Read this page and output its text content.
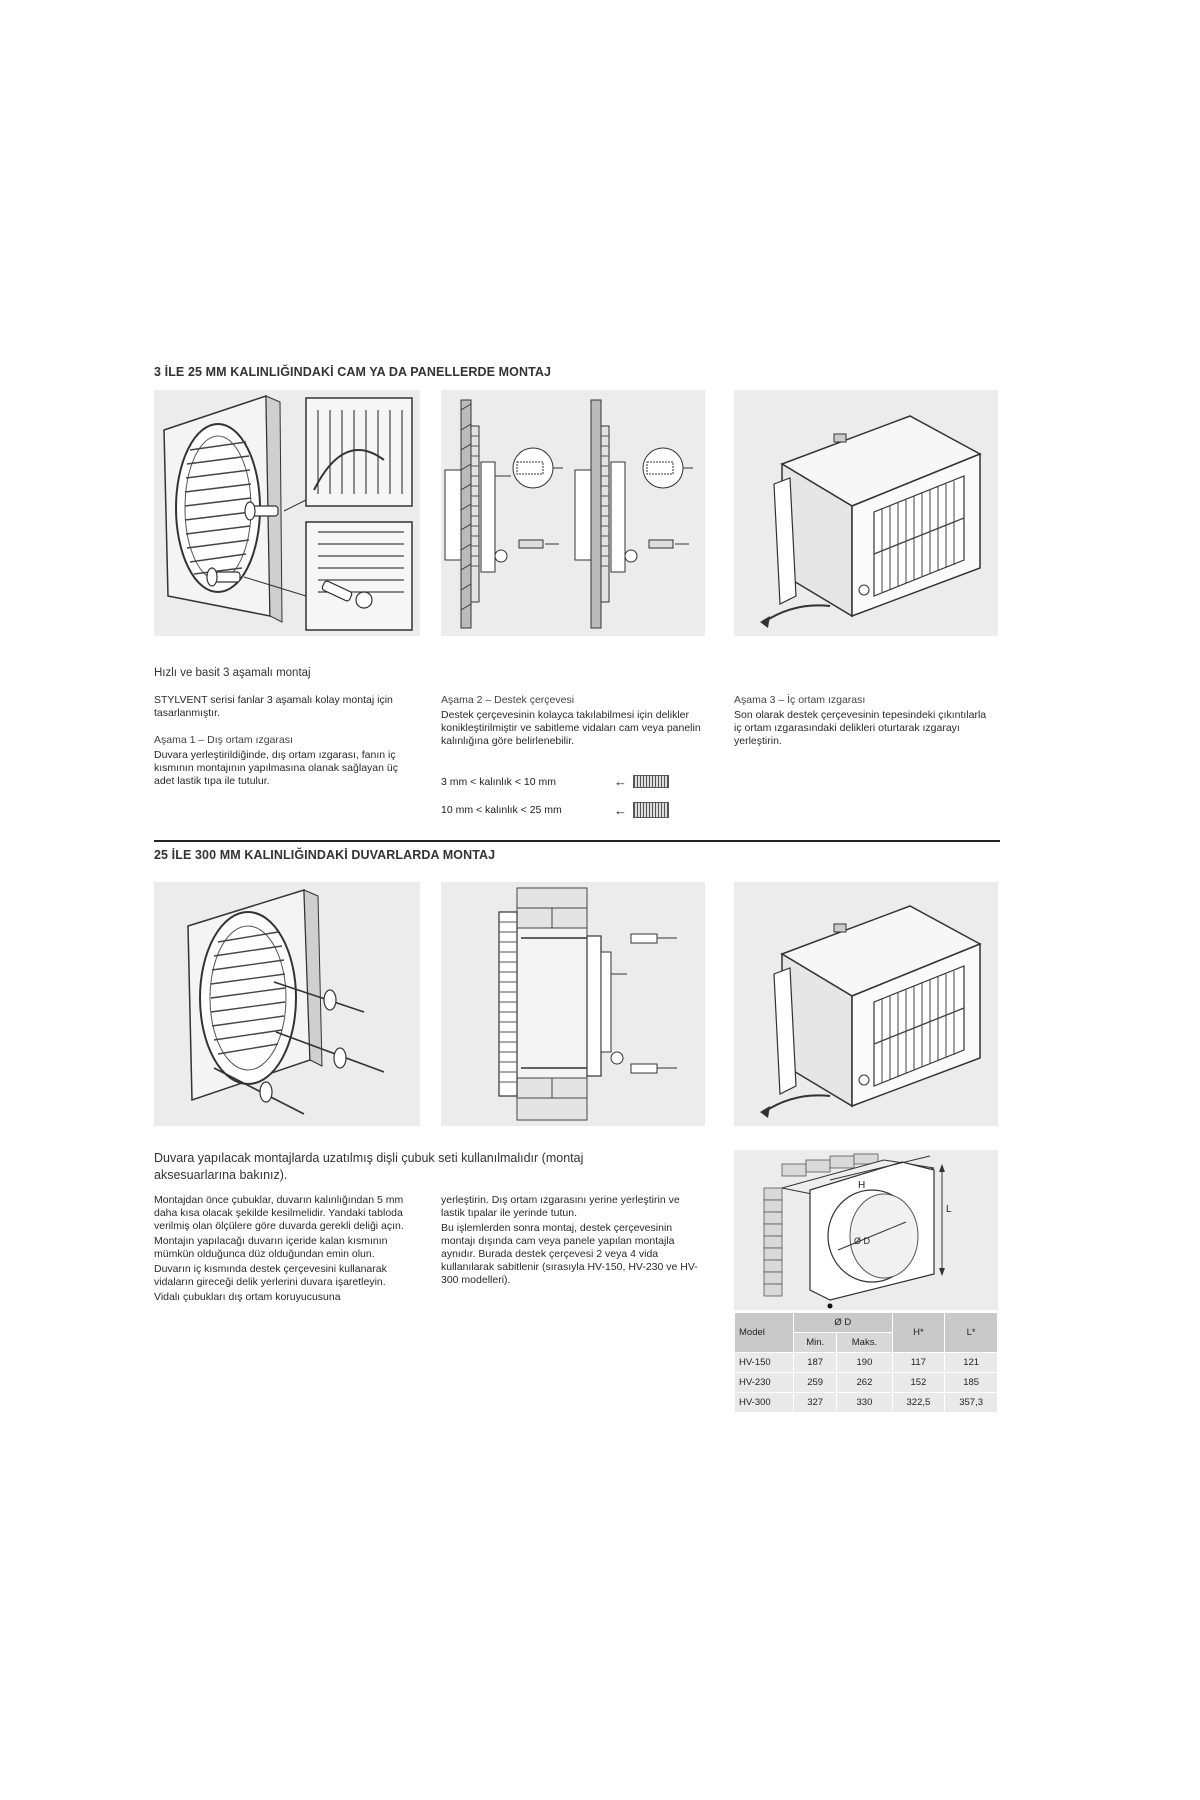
3 İLE 25 MM KALINLIĞINDAKİ CAM YA DA PANELLERDE MONTAJ
Hızlı ve basit 3 aşamalı montaj

STYLVENT serisi fanlar 3 aşamalı kolay montaj için tasarlanmıştır.

Aşama 1 – Dış ortam ızgarası

Duvara yerleştirildiğinde, dış ortam ızgarası, fanın iç kısmının montajının yapılmasına olanak sağlayan üç adet lastik tıpa ile tutulur.

Aşama 2 – Destek çerçevesi

Destek çerçevesinin kolayca takılabilmesi için delikler konikleştirilmiştir ve sabitleme vidaları cam veya panelin kalınlığına göre belirlenebilir.

3 mm < kalınlık < 10 mm	←
10 mm < kalınlık < 25 mm	←

Aşama 3 – İç ortam ızgarası

Son olarak destek çerçevesinin tepesindeki çıkıntılarla iç ortam ızgarasındaki delikleri oturtarak ızgarayı yerleştirin.

25 İLE 300 MM KALINLIĞINDAKİ DUVARLARDA MONTAJ
Duvara yapılacak montajlarda uzatılmış dişli çubuk seti kullanılmalıdır (montaj aksesuarlarına bakınız).

Montajdan önce çubuklar, duvarın kalınlığından 5 mm daha kısa olacak şekilde kesilmelidir. Yandaki tabloda verilmiş olan ölçülere göre duvarda gerekli deliği açın.

Montajın yapılacağı duvarın içeride kalan kısmının mümkün olduğunca düz olduğundan emin olun.

Duvarın iç kısmında destek çerçevesini kullanarak vidaların gireceği delik yerlerini duvara işaretleyin.

Vidalı çubukları dış ortam koruyucusuna

yerleştirin. Dış ortam ızgarasını yerine yerleştirin ve lastik tıpalar ile yerinde tutun.

Bu işlemlerden sonra montaj, destek çerçevesinin montajı dışında cam veya panele yapılan montajla aynıdır. Burada destek çerçevesi 2 veya 4 vida kullanılarak sabitlenir (sırasıyla HV-150, HV-230 ve HV-300 modelleri).

L
H
Ø D
Model	Ø D		H*	L*
	Min.	Maks.		
HV-150	187	190	117	121
HV-230	259	262	152	185
HV-300	327	330	322,5	357,3
